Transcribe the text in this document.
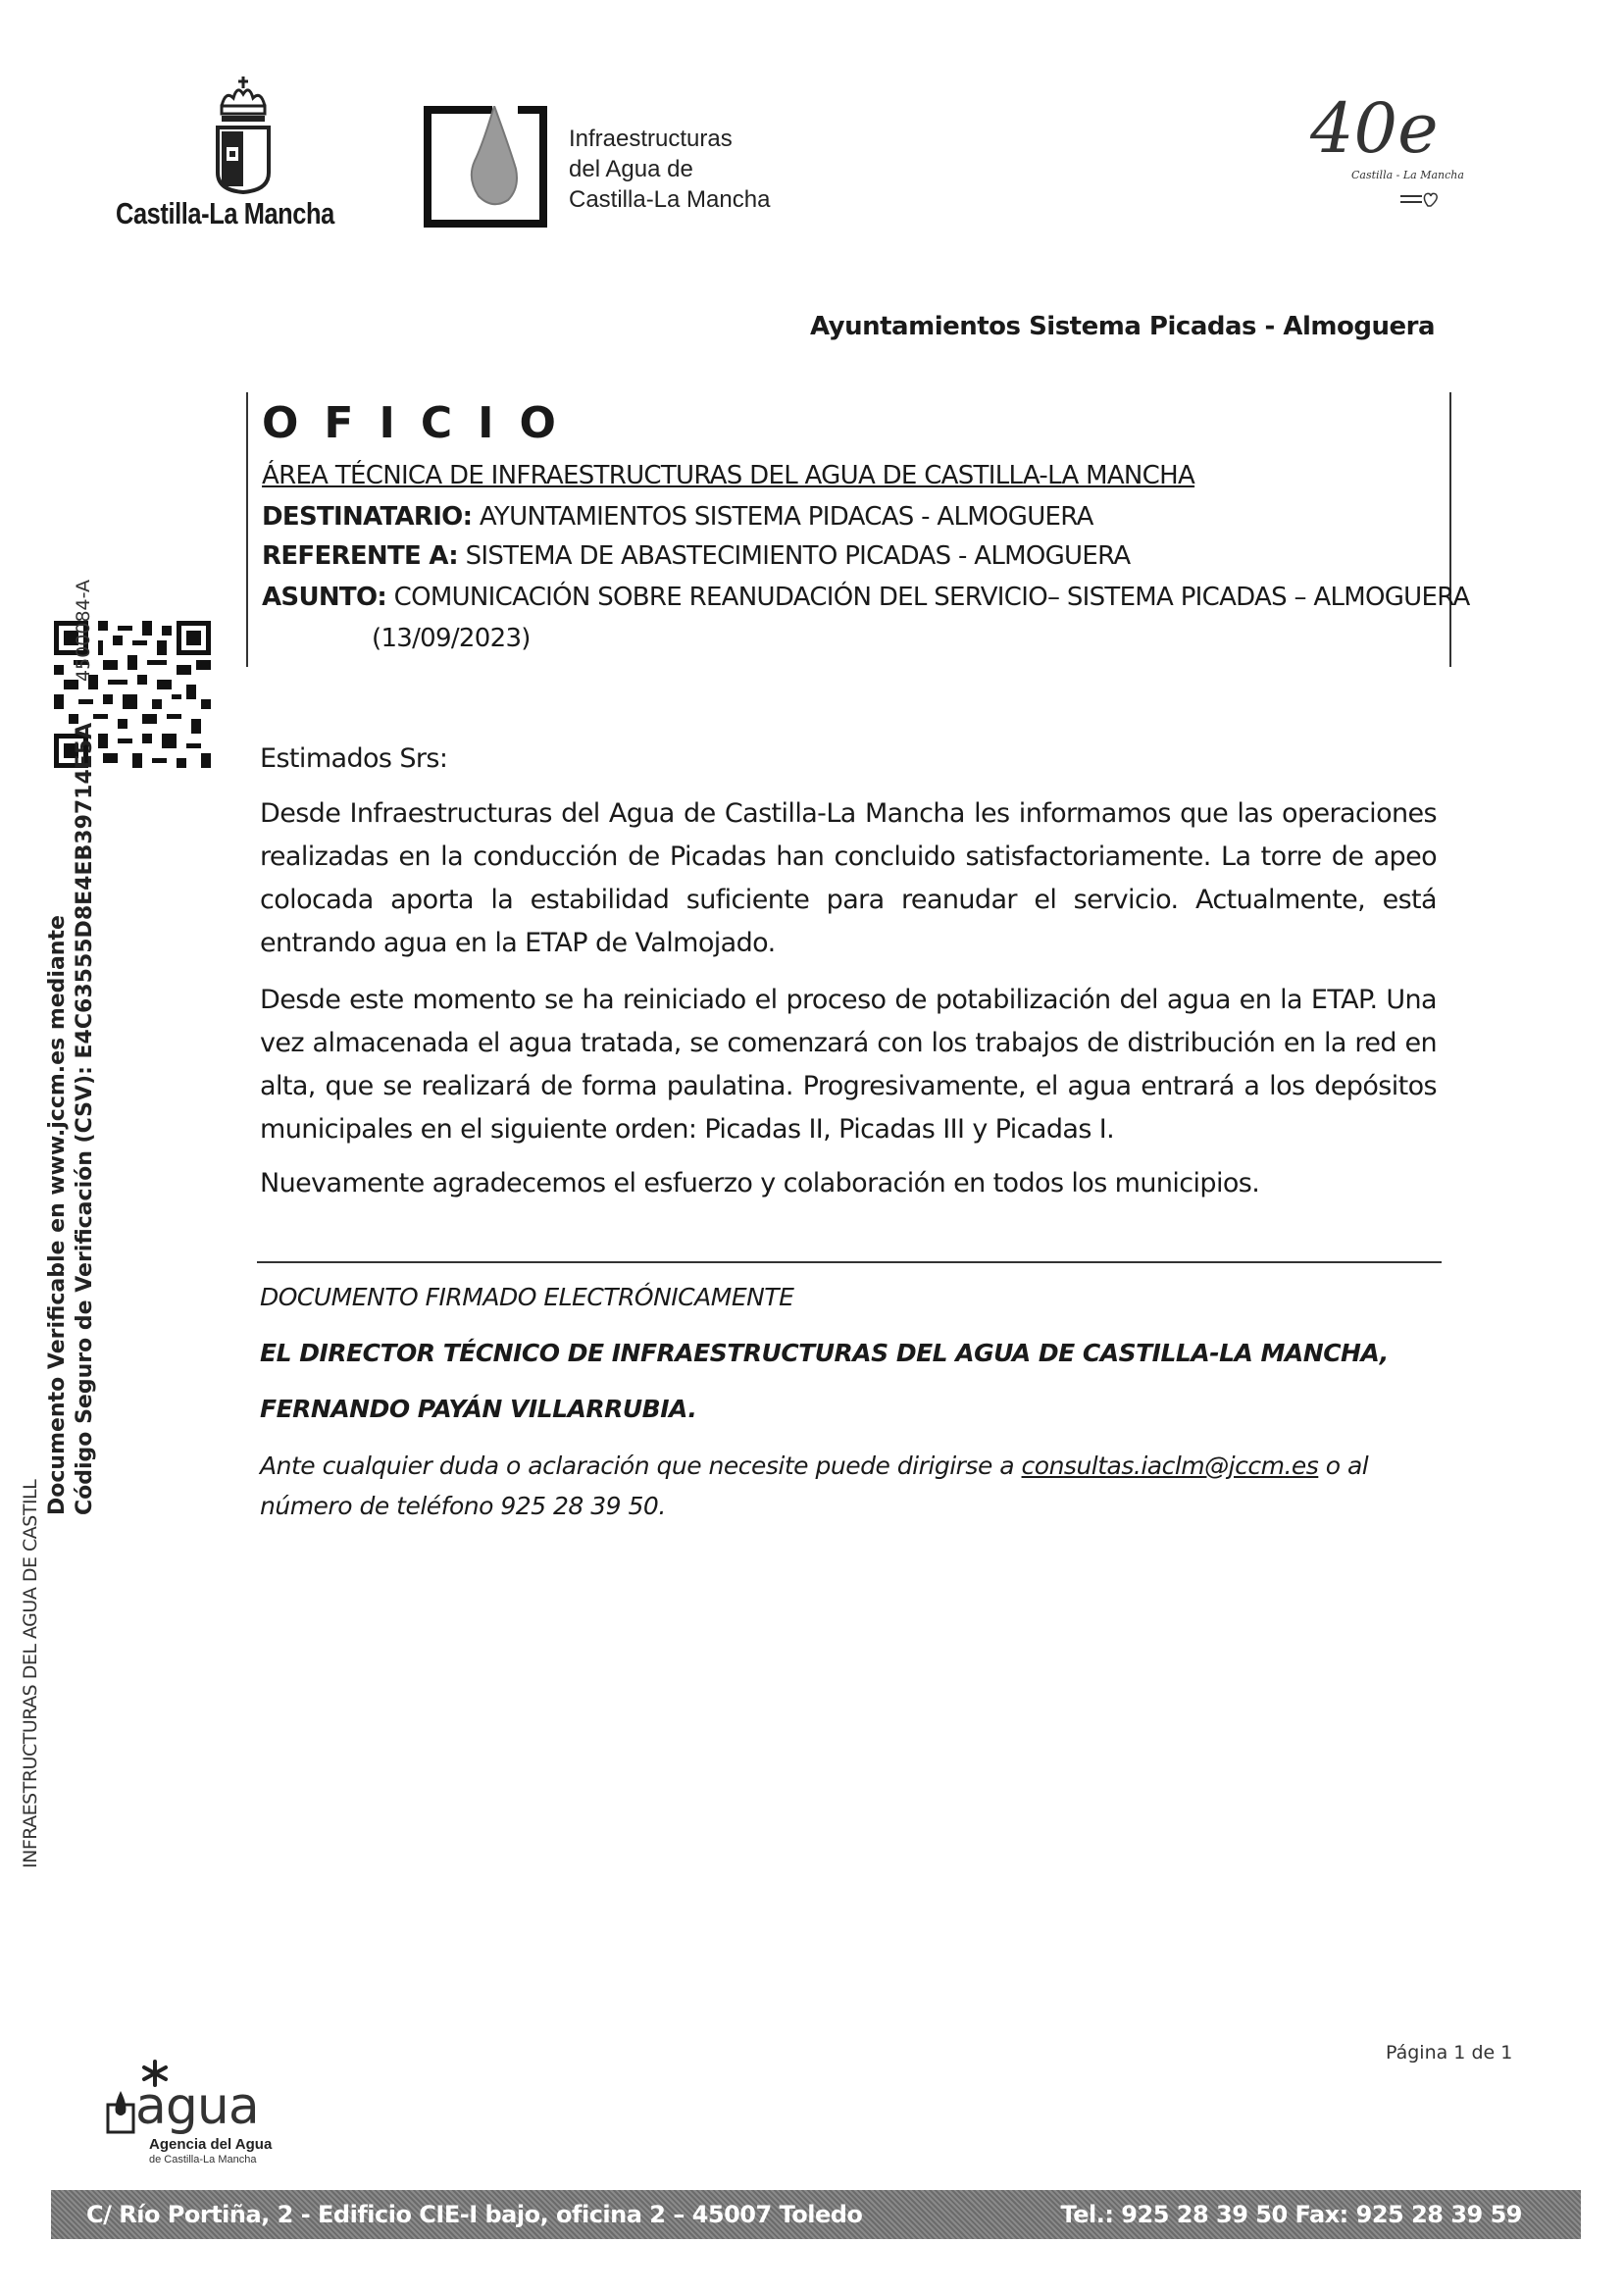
Castilla-La Mancha
Infraestructuras
del Agua de
Castilla-La Mancha
40e
Castilla - La Mancha
Ayuntamientos Sistema Picadas - Almoguera
OFICIO
ÁREA TÉCNICA DE INFRAESTRUCTURAS DEL AGUA DE CASTILLA-LA MANCHA
DESTINATARIO: AYUNTAMIENTOS SISTEMA PIDACAS - ALMOGUERA
REFERENTE A: SISTEMA DE ABASTECIMIENTO PICADAS - ALMOGUERA
ASUNTO: COMUNICACIÓN SOBRE REANUDACIÓN DEL SERVICIO– SISTEMA PICADAS – ALMOGUERA
(13/09/2023)
INFRAESTRUCTURAS DEL AGUA DE CASTILL
Documento Verificable en www.jccm.es mediante Código Seguro de Verificación (CSV): E4C63555D8E4EB39714E5A
4500084-A
Estimados Srs:
Desde Infraestructuras del Agua de Castilla-La Mancha les informamos que las operaciones realizadas en la conducción de Picadas han concluido satisfactoriamente. La torre de apeo colocada aporta la estabilidad suficiente para reanudar el servicio. Actualmente, está entrando agua en la ETAP de Valmojado.
Desde este momento se ha reiniciado el proceso de potabilización del agua en la ETAP. Una vez almacenada el agua tratada, se comenzará con los trabajos de distribución en la red en alta, que se realizará de forma paulatina. Progresivamente, el agua entrará a los depósitos municipales en el siguiente orden: Picadas II, Picadas III y Picadas I.
Nuevamente agradecemos el esfuerzo y colaboración en todos los municipios.
DOCUMENTO FIRMADO ELECTRÓNICAMENTE
EL DIRECTOR TÉCNICO DE INFRAESTRUCTURAS DEL AGUA DE CASTILLA-LA MANCHA,
FERNANDO PAYÁN VILLARRUBIA.
Ante cualquier duda o aclaración que necesite puede dirigirse a consultas.iaclm@jccm.es o al número de teléfono 925 28 39 50.
Página 1 de 1
agua
Agencia del Agua
de Castilla-La Mancha
C/ Río Portiña, 2 - Edificio CIE-I bajo, oficina 2 – 45007 Toledo	Tel.: 925 28 39 50 Fax: 925 28 39 59
